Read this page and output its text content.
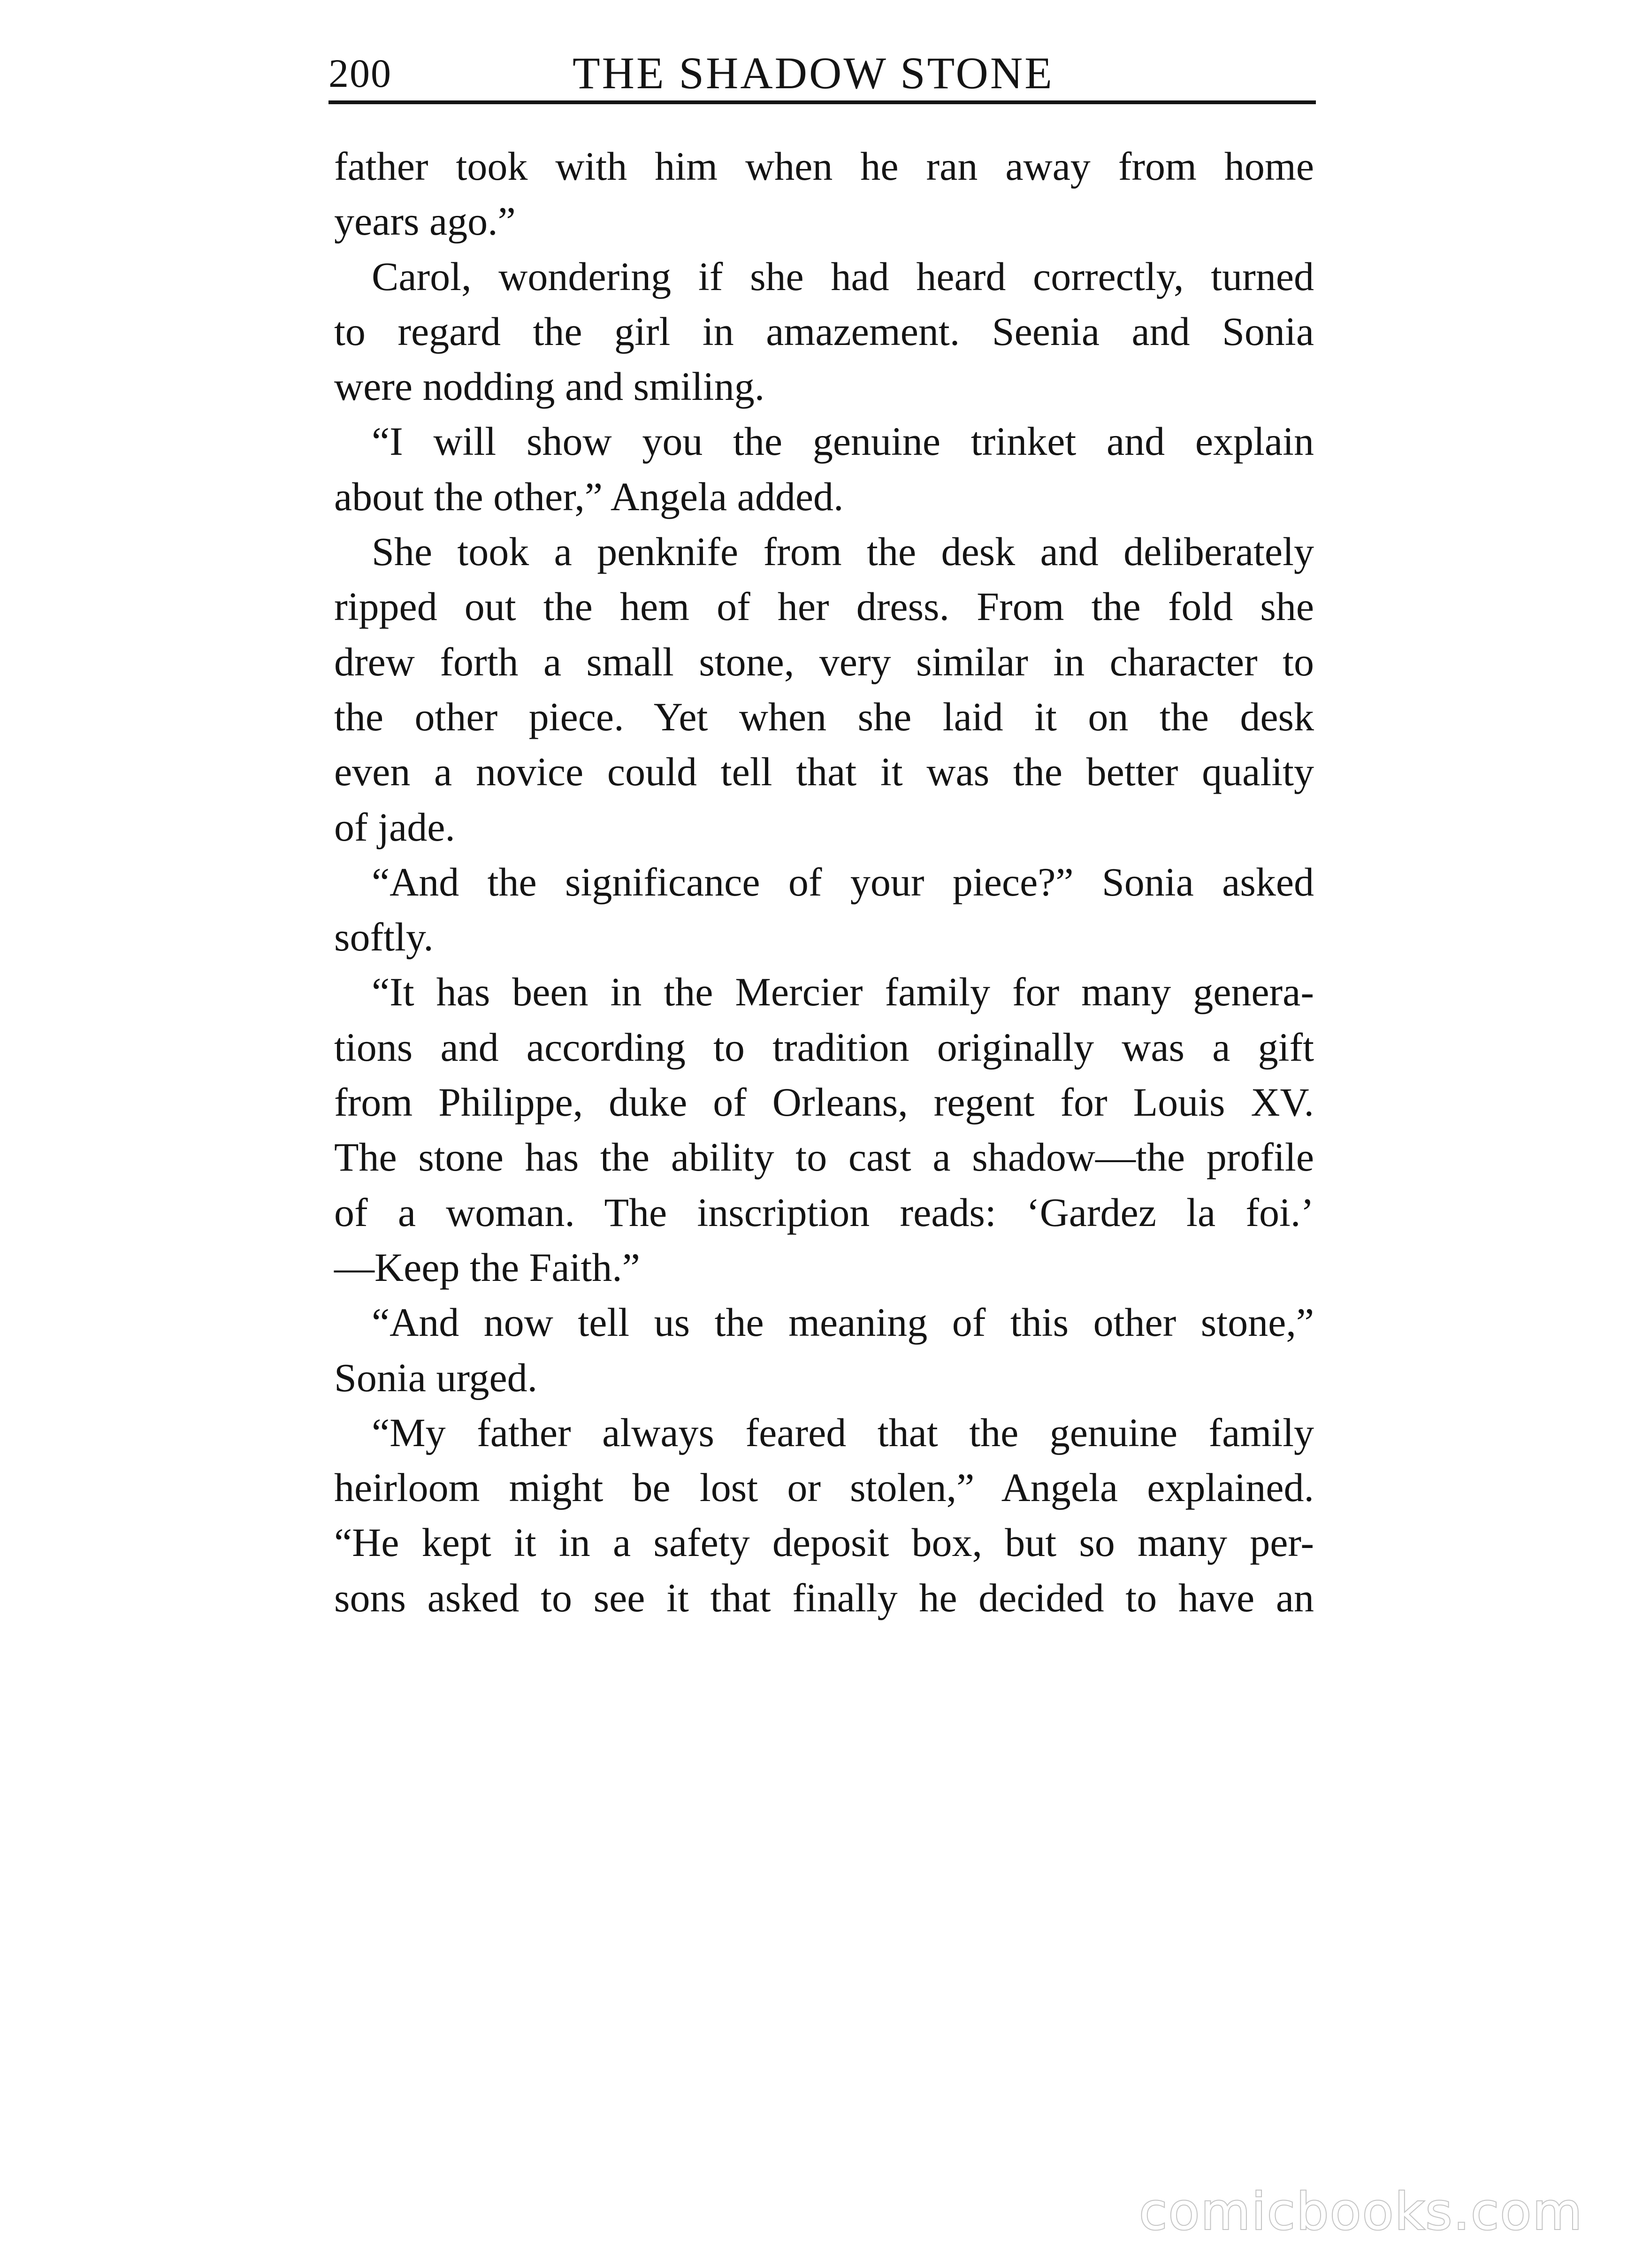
200	THE SHADOW STONE
father took with him when he ran away from home
years ago.”
Carol, wondering if she had heard correctly, turned
to regard the girl in amazement. Seenia and Sonia
were nodding and smiling.
“I will show you the genuine trinket and explain
about the other,” Angela added.
She took a penknife from the desk and deliberately
ripped out the hem of her dress. From the fold she
drew forth a small stone, very similar in character to
the other piece. Yet when she laid it on the desk
even a novice could tell that it was the better quality
of jade.
“And the significance of your piece?” Sonia asked
softly.
“It has been in the Mercier family for many genera-
tions and according to tradition originally was a gift
from Philippe, duke of Orleans, regent for Louis XV.
The stone has the ability to cast a shadow—the profile
of a woman. The inscription reads: ‘Gardez la foi.’
—Keep the Faith.”
“And now tell us the meaning of this other stone,”
Sonia urged.
“My father always feared that the genuine family
heirloom might be lost or stolen,” Angela explained.
“He kept it in a safety deposit box, but so many per-
sons asked to see it that finally he decided to have an
comicbooks.com
